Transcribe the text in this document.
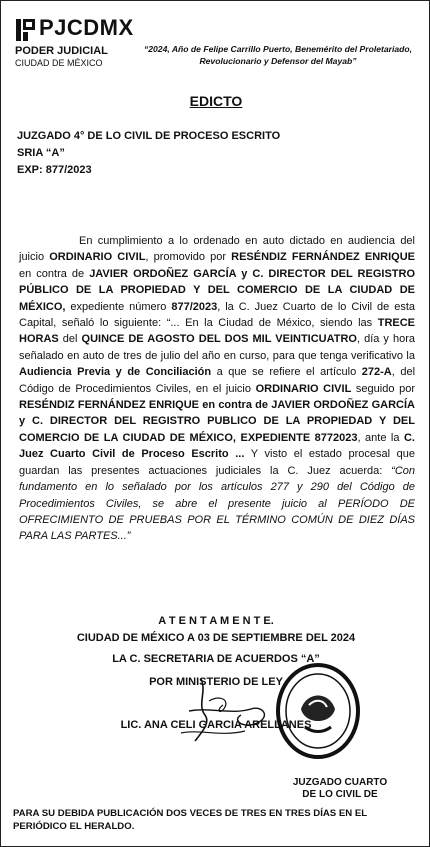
PJCDMX
PODER JUDICIAL
CIUDAD DE MÉXICO
“2024, Año de Felipe Carrillo Puerto, Benemérito del Proletariado, Revolucionario y Defensor del Mayab”
EDICTO
JUZGADO 4° DE LO CIVIL DE PROCESO ESCRITO
SRIA “A”
EXP: 877/2023
En cumplimiento a lo ordenado en auto dictado en audiencia del juicio ORDINARIO CIVIL, promovido por RESÉNDIZ FERNÁNDEZ ENRIQUE en contra de JAVIER ORDOÑEZ GARCÍA y C. DIRECTOR DEL REGISTRO PÚBLICO DE LA PROPIEDAD Y DEL COMERCIO DE LA CIUDAD DE MÉXICO, expediente número 877/2023, la C. Juez Cuarto de lo Civil de esta Capital, señaló lo siguiente: “... En la Ciudad de México, siendo las TRECE HORAS del QUINCE DE AGOSTO DEL DOS MIL VEINTICUATRO, día y hora señalado en auto de tres de julio del año en curso, para que tenga verificativo la Audiencia Previa y de Conciliación a que se refiere el artículo 272-A, del Código de Procedimientos Civiles, en el juicio ORDINARIO CIVIL seguido por RESÉNDIZ FERNÁNDEZ ENRIQUE en contra de JAVIER ORDOÑEZ GARCÍA y C. DIRECTOR DEL REGISTRO PUBLICO DE LA PROPIEDAD Y DEL COMERCIO DE LA CIUDAD DE MÉXICO, EXPEDIENTE 8772023, ante la C. Juez Cuarto Civil de Proceso Escrito ... Y visto el estado procesal que guardan las presentes actuaciones judiciales la C. Juez acuerda: “Con fundamento en lo señalado por los artículos 277 y 290 del Código de Procedimientos Civiles, se abre el presente juicio al PERÍODO DE OFRECIMIENTO DE PRUEBAS POR EL TÉRMINO COMÚN DE DIEZ DÍAS PARA LAS PARTES...”
A T E N T A M E N T E.
CIUDAD DE MÉXICO A 03 DE SEPTIEMBRE DEL 2024
LA C. SECRETARIA DE ACUERDOS “A”
POR MINISTERIO DE LEY
LIC. ANA CELI GARCIA ARELLANES
JUZGADO CUARTO
DE LO CIVIL DE
PARA SU DEBIDA PUBLICACIÓN DOS VECES DE TRES EN TRES DÍAS EN EL PERIÓDICO EL HERALDO.
